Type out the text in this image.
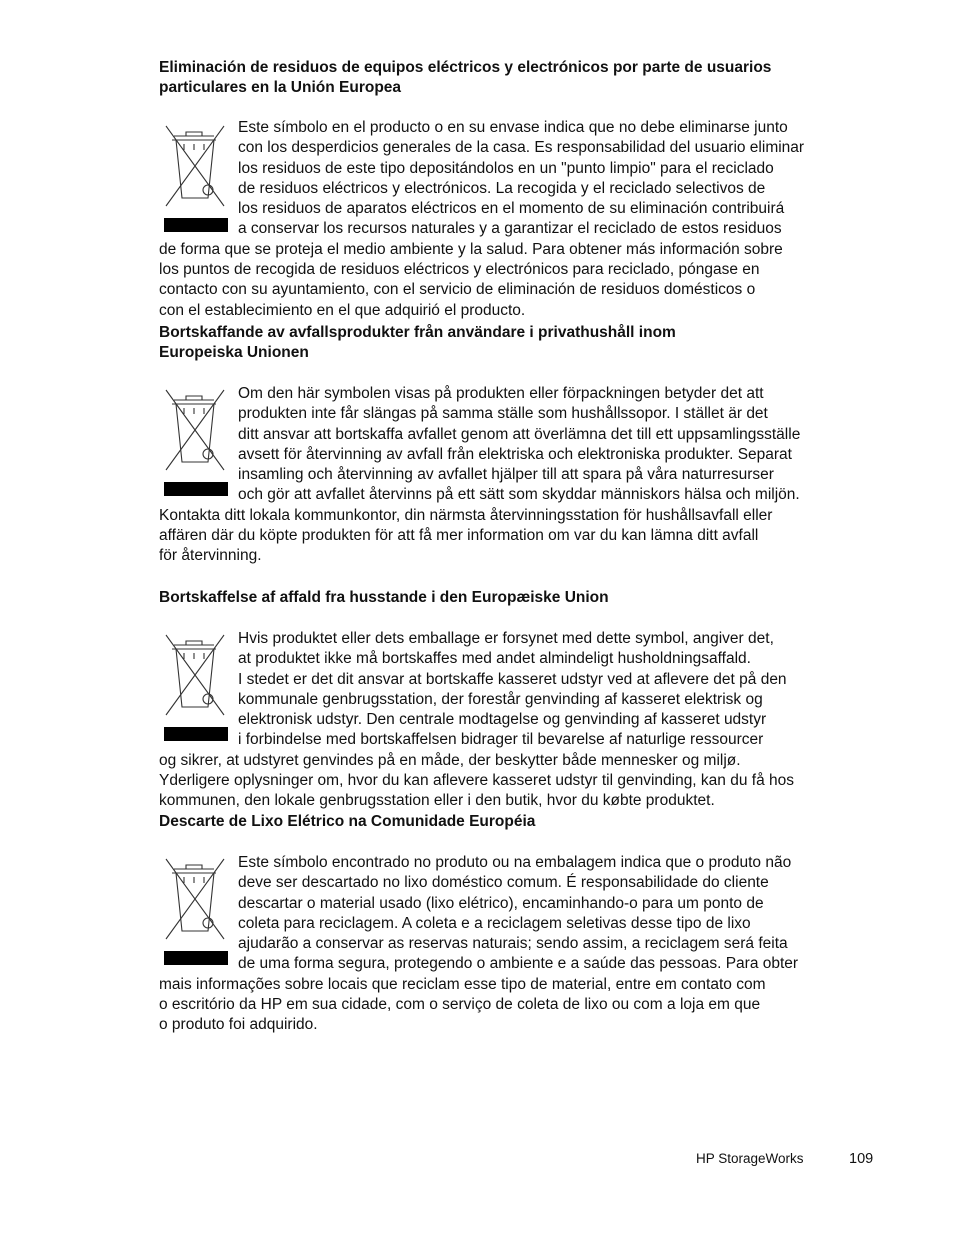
Eliminación de residuos de equipos eléctricos y electrónicos por parte de usuarios
particulares en la Unión Europea

Este símbolo en el producto o en su envase indica que no debe eliminarse junto
con los desperdicios generales de la casa. Es responsabilidad del usuario eliminar
los residuos de este tipo depositándolos en un "punto limpio" para el reciclado
de residuos eléctricos y electrónicos. La recogida y el reciclado selectivos de
los residuos de aparatos eléctricos en el momento de su eliminación contribuirá
a conservar los recursos naturales y a garantizar el reciclado de estos residuos
de forma que se proteja el medio ambiente y la salud. Para obtener más información sobre
los puntos de recogida de residuos eléctricos y electrónicos para reciclado, póngase en
contacto con su ayuntamiento, con el servicio de eliminación de residuos domésticos o
con el establecimiento en el que adquirió el producto.

Bortskaffande av avfallsprodukter från användare i privathushåll inom
Europeiska Unionen

Om den här symbolen visas på produkten eller förpackningen betyder det att
produkten inte får slängas på samma ställe som hushållssopor. I stället är det
ditt ansvar att bortskaffa avfallet genom att överlämna det till ett uppsamlingsställe
avsett för återvinning av avfall från elektriska och elektroniska produkter. Separat
insamling och återvinning av avfallet hjälper till att spara på våra naturresurser
och gör att avfallet återvinns på ett sätt som skyddar människors hälsa och miljön.
Kontakta ditt lokala kommunkontor, din närmsta återvinningsstation för hushållsavfall eller
affären där du köpte produkten för att få mer information om var du kan lämna ditt avfall
för återvinning.

Bortskaffelse af affald fra husstande i den Europæiske Union

Hvis produktet eller dets emballage er forsynet med dette symbol, angiver det,
at produktet ikke må bortskaffes med andet almindeligt husholdningsaffald.
I stedet er det dit ansvar at bortskaffe kasseret udstyr ved at aflevere det på den
kommunale genbrugsstation, der forestår genvinding af kasseret elektrisk og
elektronisk udstyr. Den centrale modtagelse og genvinding af kasseret udstyr
i forbindelse med bortskaffelsen bidrager til bevarelse af naturlige ressourcer
og sikrer, at udstyret genvindes på en måde, der beskytter både mennesker og miljø.
Yderligere oplysninger om, hvor du kan aflevere kasseret udstyr til genvinding, kan du få hos
kommunen, den lokale genbrugsstation eller i den butik, hvor du købte produktet.

Descarte de Lixo Elétrico na Comunidade Européia

Este símbolo encontrado no produto ou na embalagem indica que o produto não
deve ser descartado no lixo doméstico comum. É responsabilidade do cliente
descartar o material usado (lixo elétrico), encaminhando-o para um ponto de
coleta para reciclagem. A coleta e a reciclagem seletivas desse tipo de lixo
ajudarão a conservar as reservas naturais; sendo assim, a reciclagem será feita
de uma forma segura, protegendo o ambiente e a saúde das pessoas. Para obter
mais informações sobre locais que reciclam esse tipo de material, entre em contato com
o escritório da HP em sua cidade, com o serviço de coleta de lixo ou com a loja em que
o produto foi adquirido.
HP StorageWorks	109
